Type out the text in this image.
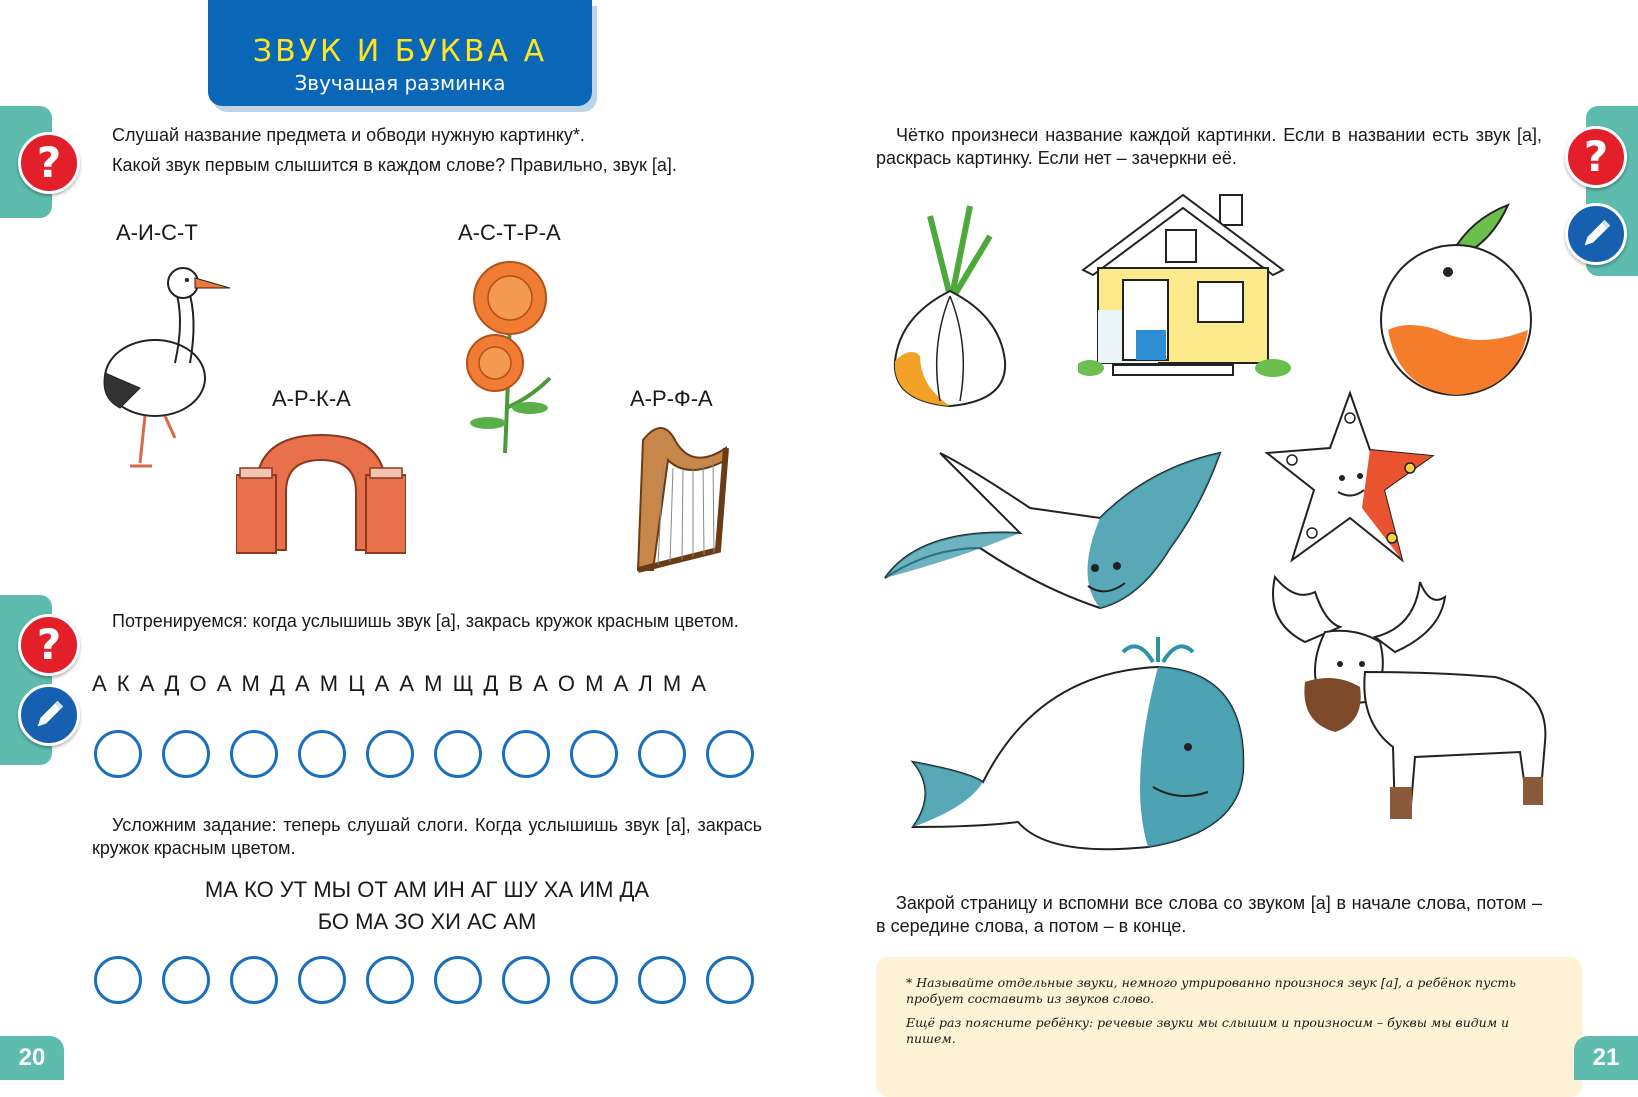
ЗВУК И БУКВА А
Звучащая разминка
?
?
?
Слушай название предмета и обводи нужную картинку*.
Какой звук первым слышится в каждом слове? Правильно, звук [а].
А-И-С-Т	А-С-Т-Р-А
А-Р-К-А	А-Р-Ф-А
Потренируемся: когда услышишь звук [а], закрась кружок красным цветом.
А К А Д О А М Д А М Ц А А М Щ Д В А О М А Л М А
Усложним задание: теперь слушай слоги. Когда услышишь звук [а], закрась кружок красным цветом.
МА КО УТ МЫ ОТ АМ ИН АГ ШУ ХА ИМ ДА
БО МА ЗО ХИ АС АМ
20
Чётко произнеси название каждой картинки. Если в названии есть звук [а], раскрась картинку. Если нет – зачеркни её.
Закрой страницу и вспомни все слова со звуком [а] в начале слова, потом – в середине слова, а потом – в конце.

* Называйте отдельные звуки, немного утрированно произнося звук [а], а ребёнок пусть пробует составить из звуков слово.

Ещё раз поясните ребёнку: речевые звуки мы слышим и произносим – буквы мы видим и пишем.

21
